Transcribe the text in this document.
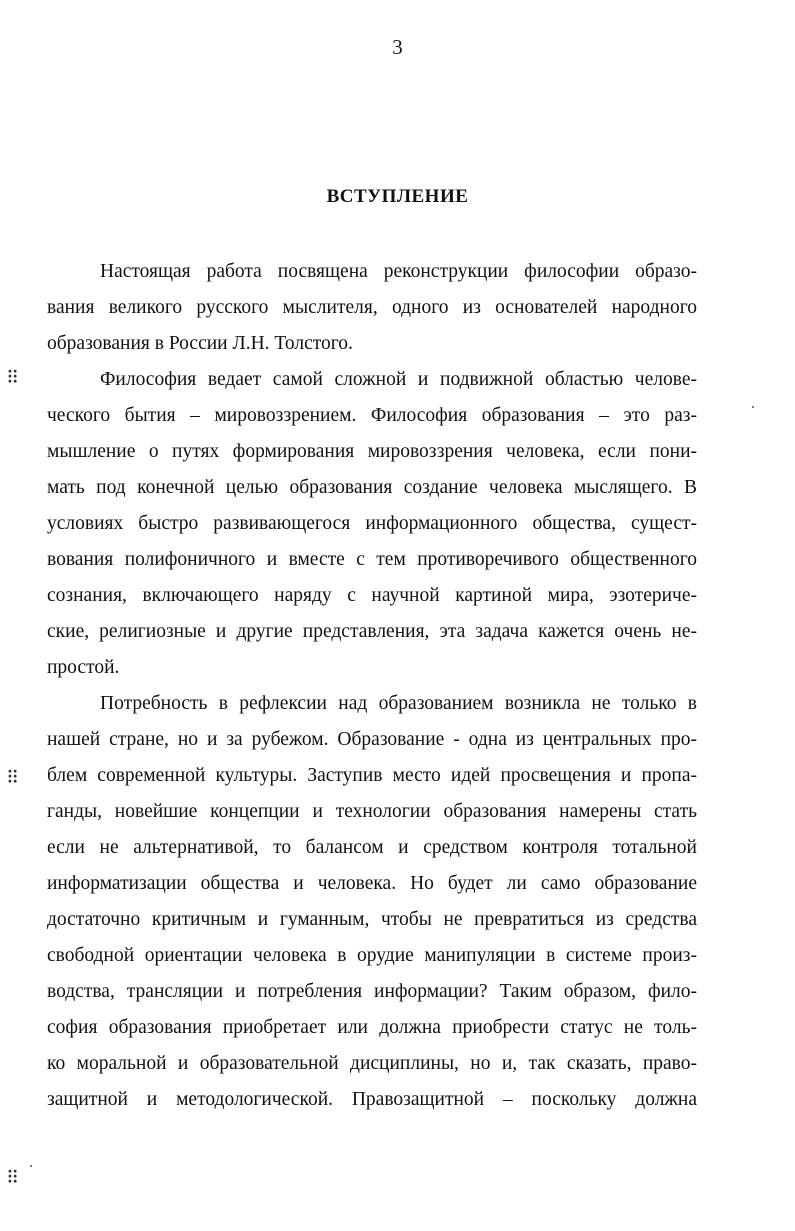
3
ВСТУПЛЕНИЕ
⠿
⠿
⠿
Настоящая работа посвящена реконструкции философии образо-
вания великого русского мыслителя, одного из основателей народного
образования в России Л.Н. Толстого.
Философия ведает самой сложной и подвижной областью челове-
ческого бытия – мировоззрением. Философия образования – это раз-
мышление о путях формирования мировоззрения человека, если пони-
мать под конечной целью образования создание человека мыслящего. В
условиях быстро развивающегося информационного общества, сущест-
вования полифоничного и вместе с тем противоречивого общественного
сознания, включающего наряду с научной картиной мира, эзотериче-
ские, религиозные и другие представления, эта задача кажется очень не-
простой.
Потребность в рефлексии над образованием возникла не только в
нашей стране, но и за рубежом. Образование - одна из центральных про-
блем современной культуры. Заступив место идей просвещения и пропа-
ганды, новейшие концепции и технологии образования намерены стать
если не альтернативой, то балансом и средством контроля тотальной
информатизации общества и человека. Но будет ли само образование
достаточно критичным и гуманным, чтобы не превратиться из средства
свободной ориентации человека в орудие манипуляции в системе произ-
водства, трансляции и потребления информации? Таким образом, фило-
софия образования приобретает или должна приобрести статус не толь-
ко моральной и образовательной дисциплины, но и, так сказать, право-
защитной и методологической. Правозащитной – поскольку должна
